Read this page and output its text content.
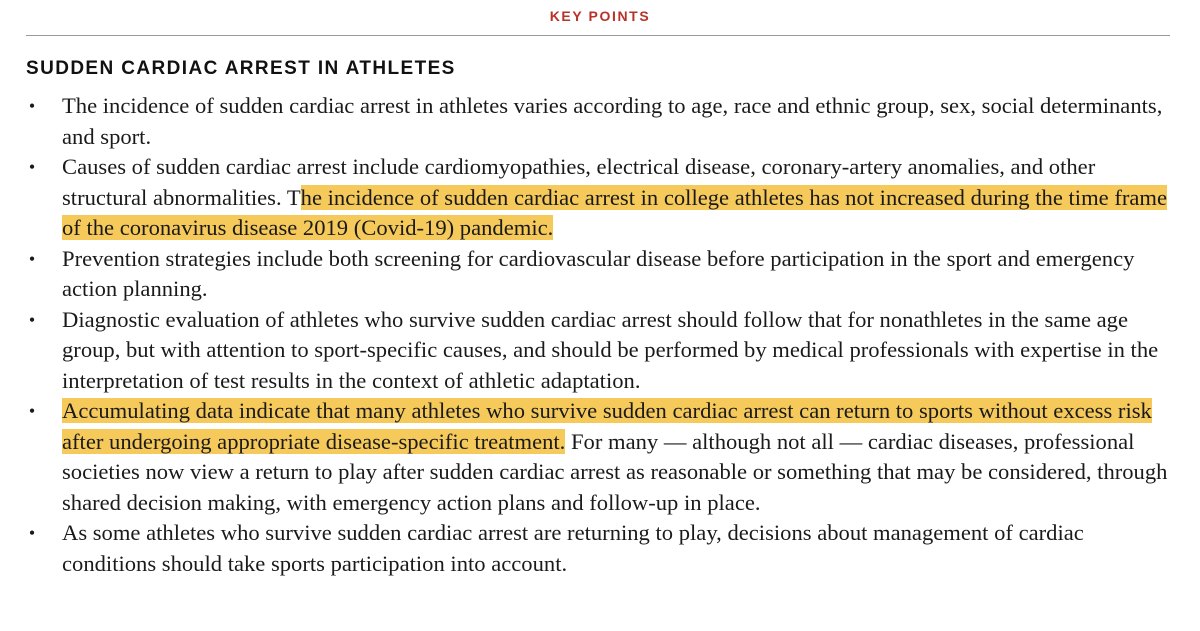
KEY POINTS
SUDDEN CARDIAC ARREST IN ATHLETES
• The incidence of sudden cardiac arrest in athletes varies according to age, race and ethnic group, sex, social determinants, and sport.
• Causes of sudden cardiac arrest include cardiomyopathies, electrical disease, coronary-artery anomalies, and other structural abnormalities. The incidence of sudden cardiac arrest in college athletes has not increased during the time frame of the coronavirus disease 2019 (Covid-19) pandemic.
• Prevention strategies include both screening for cardiovascular disease before participation in the sport and emergency action planning.
• Diagnostic evaluation of athletes who survive sudden cardiac arrest should follow that for nonathletes in the same age group, but with attention to sport-specific causes, and should be performed by medical professionals with expertise in the interpretation of test results in the context of athletic adaptation.
• Accumulating data indicate that many athletes who survive sudden cardiac arrest can return to sports without excess risk after undergoing appropriate disease-specific treatment. For many — although not all — cardiac diseases, professional societies now view a return to play after sudden cardiac arrest as reasonable or something that may be considered, through shared decision making, with emergency action plans and follow-up in place.
• As some athletes who survive sudden cardiac arrest are returning to play, decisions about management of cardiac conditions should take sports participation into account.
